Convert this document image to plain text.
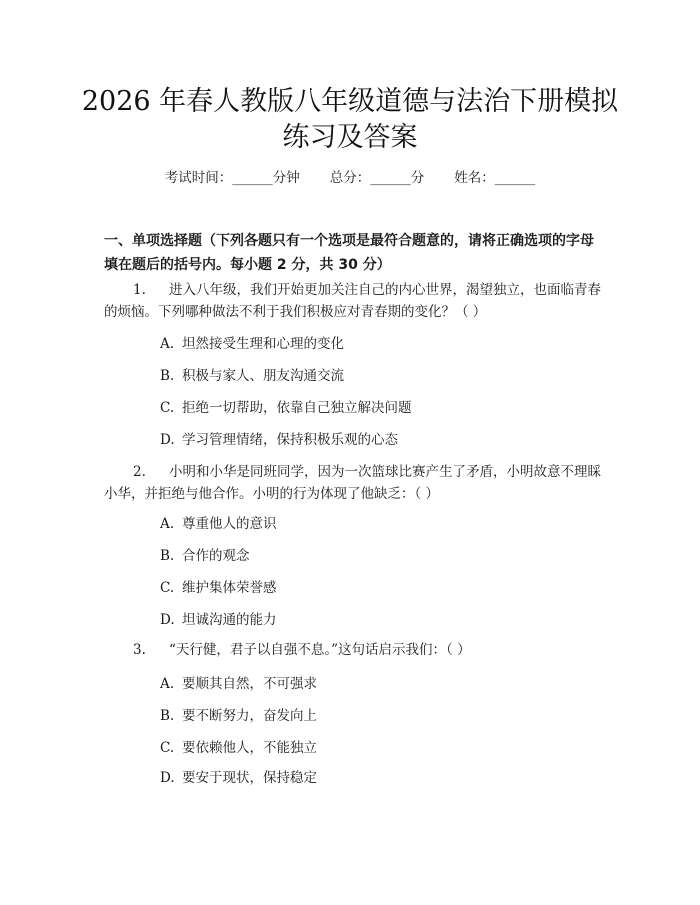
2026 年春人教版八年级道德与法治下册模拟
练习及答案
考试时间：______分钟 总分：______分 姓名：______
一、单项选择题（下列各题只有一个选项是最符合题意的，请将正确选项的字母
填在题后的括号内。每小题 2 分，共 30 分）
1. 进入八年级，我们开始更加关注自己的内心世界，渴望独立，也面临青春
的烦恼。下列哪种做法不利于我们积极应对青春期的变化？（ ）
A. 坦然接受生理和心理的变化
B. 积极与家人、朋友沟通交流
C. 拒绝一切帮助，依靠自己独立解决问题
D. 学习管理情绪，保持积极乐观的心态
2. 小明和小华是同班同学，因为一次篮球比赛产生了矛盾，小明故意不理睬
小华，并拒绝与他合作。小明的行为体现了他缺乏：（ ）
A. 尊重他人的意识
B. 合作的观念
C. 维护集体荣誉感
D. 坦诚沟通的能力
3. “天行健，君子以自强不息。”这句话启示我们：（ ）
A. 要顺其自然，不可强求
B. 要不断努力，奋发向上
C. 要依赖他人，不能独立
D. 要安于现状，保持稳定
